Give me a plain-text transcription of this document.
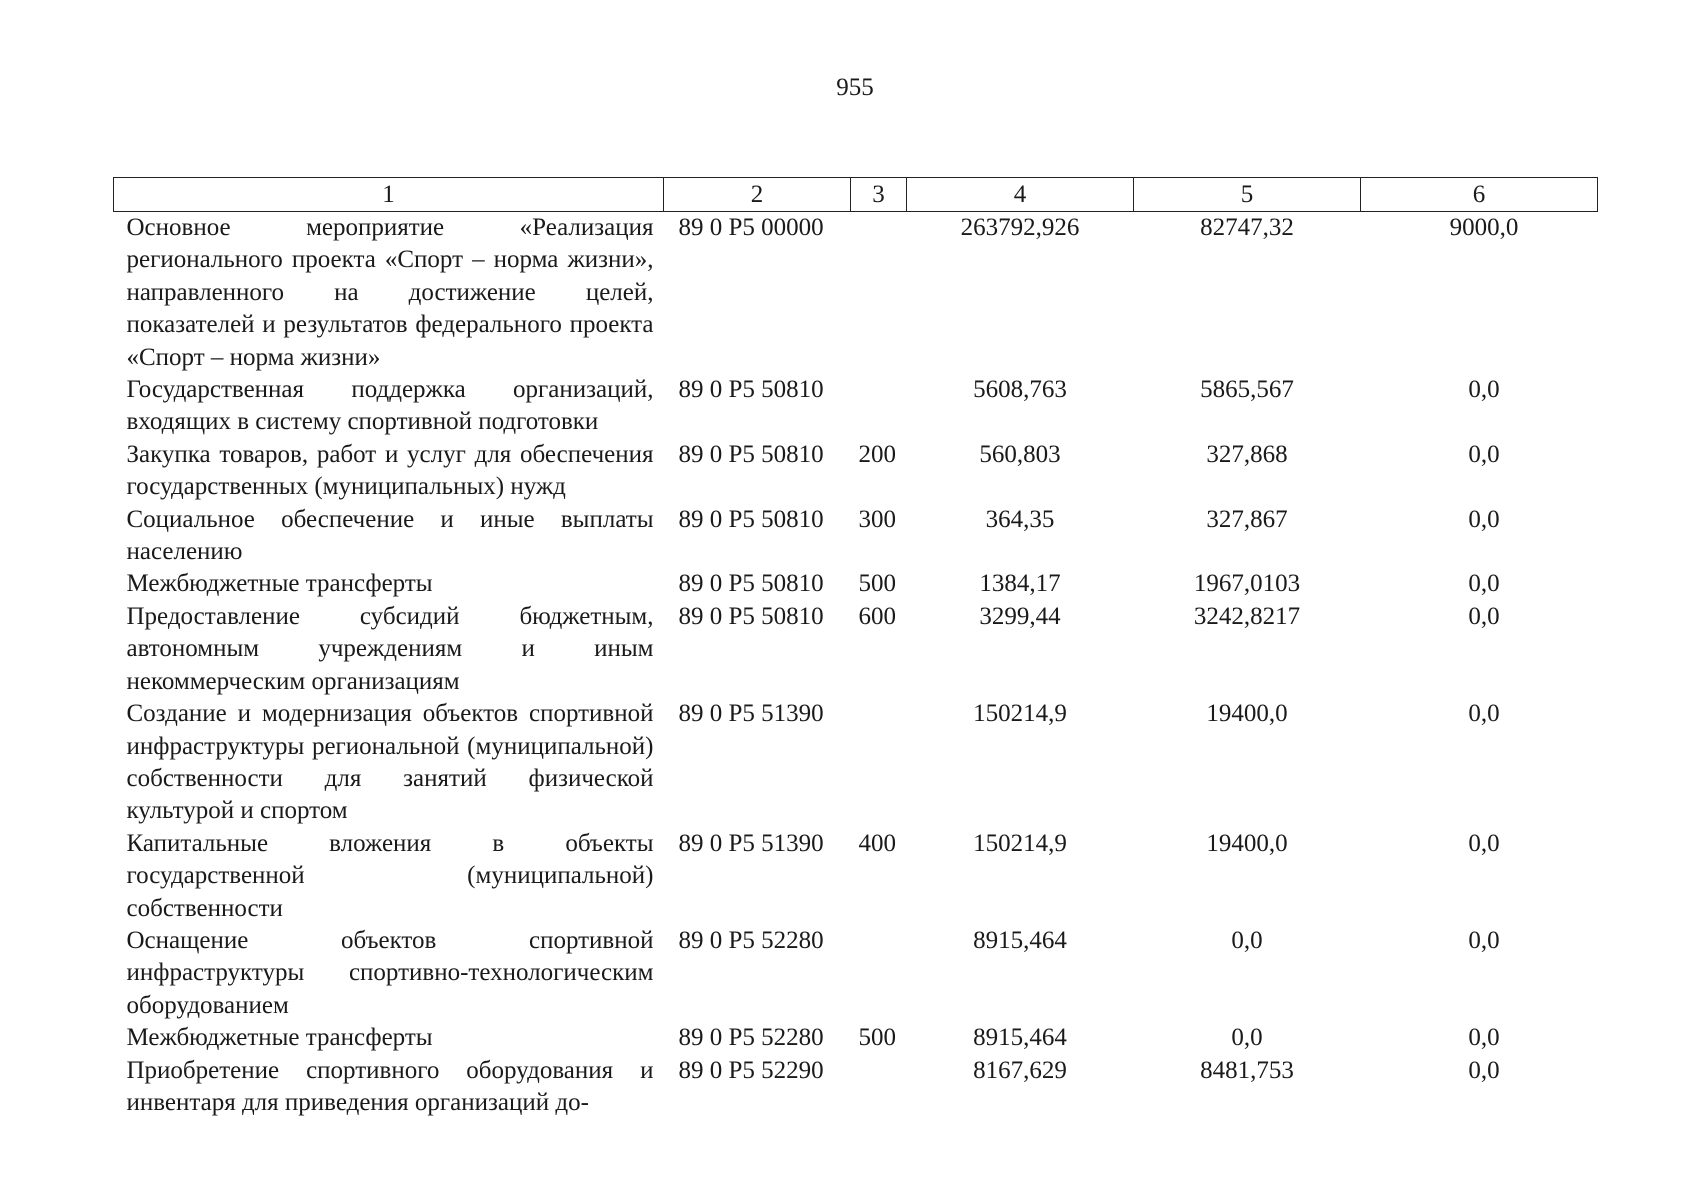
955
1	2	3	4	5	6
Основное мероприятие «Реализация регионального проекта «Спорт – норма жизни», направленного на достижение целей, показателей и результатов федерального проекта «Спорт – норма жизни»	89 0 P5 00000		263792,926	82747,32	9000,0
Государственная поддержка организаций, входящих в систему спортивной подготовки	89 0 P5 50810		5608,763	5865,567	0,0
Закупка товаров, работ и услуг для обеспечения государственных (муниципальных) нужд	89 0 P5 50810	200	560,803	327,868	0,0
Социальное обеспечение и иные выплаты населению	89 0 P5 50810	300	364,35	327,867	0,0
Межбюджетные трансферты	89 0 P5 50810	500	1384,17	1967,0103	0,0
Предоставление субсидий бюджетным, автономным учреждениям и иным некоммерческим организациям	89 0 P5 50810	600	3299,44	3242,8217	0,0
Создание и модернизация объектов спортивной инфраструктуры региональной (муниципальной) собственности для занятий физической культурой и спортом	89 0 P5 51390		150214,9	19400,0	0,0
Капитальные вложения в объекты государственной (муниципальной) собственности	89 0 P5 51390	400	150214,9	19400,0	0,0
Оснащение объектов спортивной инфраструктуры спортивно-технологическим оборудованием	89 0 P5 52280		8915,464	0,0	0,0
Межбюджетные трансферты	89 0 P5 52280	500	8915,464	0,0	0,0
Приобретение спортивного оборудования и инвентаря для приведения организаций до-	89 0 P5 52290		8167,629	8481,753	0,0
